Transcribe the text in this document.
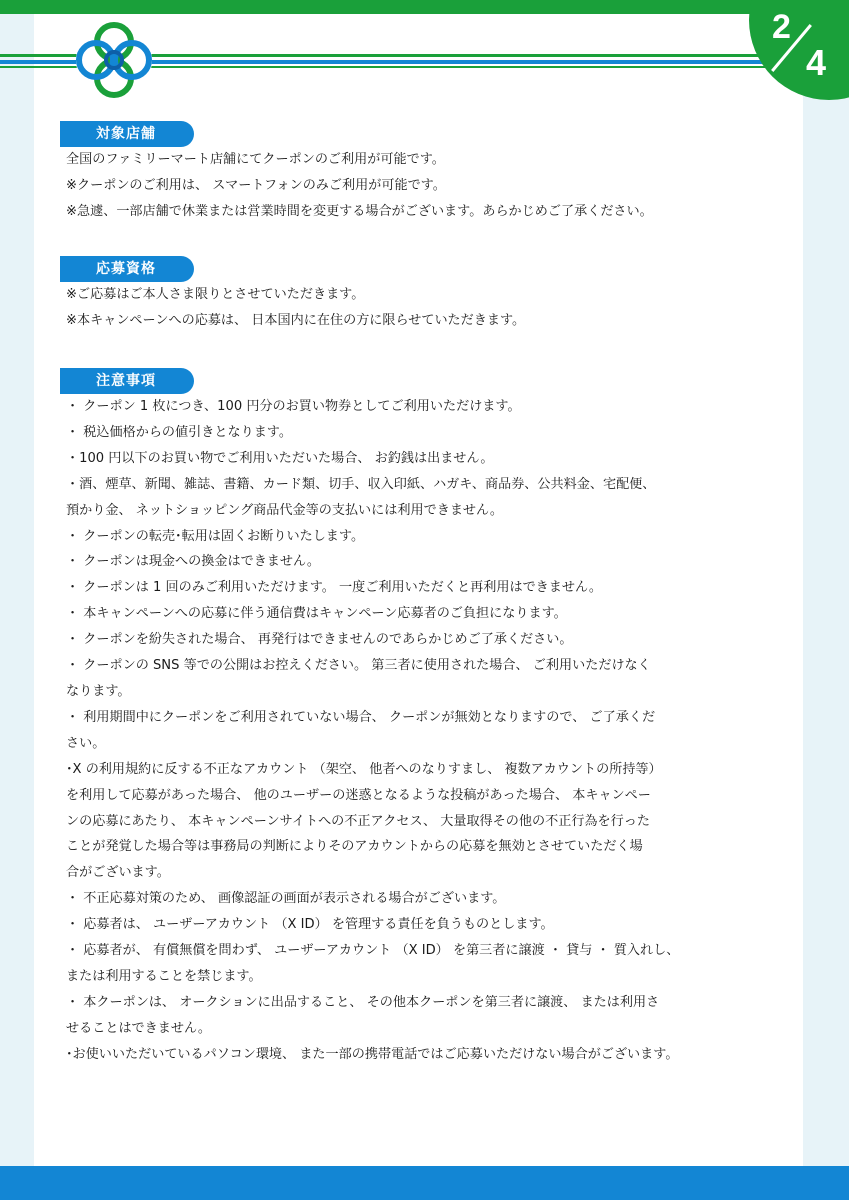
2
4
対象店舗
全国のファミリーマート店舗にてクーポンのご利用が可能です。
※クーポンのご利用は、 スマートフォンのみご利用が可能です。
※急遽、一部店舗で休業または営業時間を変更する場合がございます。あらかじめご了承ください。
応募資格
※ご応募はご本人さま限りとさせていただきます。
※本キャンペーンへの応募は、 日本国内に在住の方に限らせていただきます。
注意事項
・ クーポン 1 枚につき、100 円分のお買い物券としてご利用いただけます。
・ 税込価格からの値引きとなります。
・100 円以下のお買い物でご利用いただいた場合、 お釣銭は出ません。
・酒、煙草、新聞、雑誌、書籍、カード類、切手、収入印紙、ハガキ、商品券、公共料金、宅配便、
預かり金、 ネットショッピング商品代金等の支払いには利用できません。
・ クーポンの転売･転用は固くお断りいたします。
・ クーポンは現金への換金はできません。
・ クーポンは 1 回のみご利用いただけます。 一度ご利用いただくと再利用はできません。
・ 本キャンペーンへの応募に伴う通信費はキャンペーン応募者のご負担になります。
・ クーポンを紛失された場合、 再発行はできませんのであらかじめご了承ください。
・ クーポンの SNS 等での公開はお控えください。 第三者に使用された場合、 ご利用いただけなく
なります。
・ 利用期間中にクーポンをご利用されていない場合、 クーポンが無効となりますので、 ご了承くだ
さい。
･X の利用規約に反する不正なアカウント （架空、 他者へのなりすまし、 複数アカウントの所持等）
を利用して応募があった場合、 他のユーザーの迷惑となるような投稿があった場合、 本キャンペー
ンの応募にあたり、 本キャンペーンサイトへの不正アクセス、 大量取得その他の不正行為を行った
ことが発覚した場合等は事務局の判断によりそのアカウントからの応募を無効とさせていただく場
合がございます。
・ 不正応募対策のため、 画像認証の画面が表示される場合がございます。
・ 応募者は、 ユーザーアカウント （X ID） を管理する責任を負うものとします。
・ 応募者が、 有償無償を問わず、 ユーザーアカウント （X ID） を第三者に譲渡 ・ 貸与 ・ 質入れし、
または利用することを禁じます。
・ 本クーポンは、 オークションに出品すること、 その他本クーポンを第三者に譲渡、 または利用さ
せることはできません。
･お使いいただいているパソコン環境、 また一部の携帯電話ではご応募いただけない場合がございます。
